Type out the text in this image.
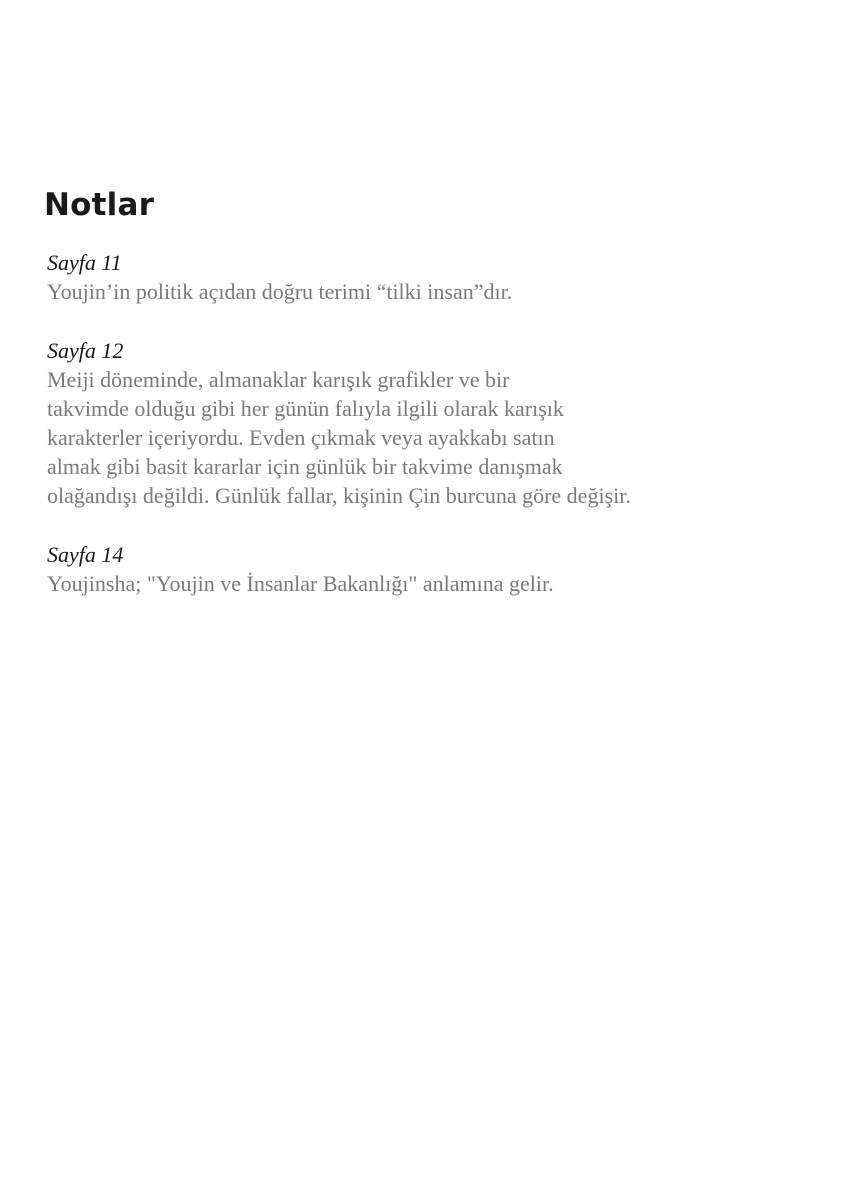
Notlar

Sayfa 11

Youjin’in politik açıdan doğru terimi “tilki insan”dır.

Sayfa 12

Meiji döneminde, almanaklar karışık grafikler ve bir

takvimde olduğu gibi her günün falıyla ilgili olarak karışık

karakterler içeriyordu. Evden çıkmak veya ayakkabı satın

almak gibi basit kararlar için günlük bir takvime danışmak

olağandışı değildi. Günlük fallar, kişinin Çin burcuna göre değişir.

Sayfa 14

Youjinsha; "Youjin ve İnsanlar Bakanlığı" anlamına gelir.
